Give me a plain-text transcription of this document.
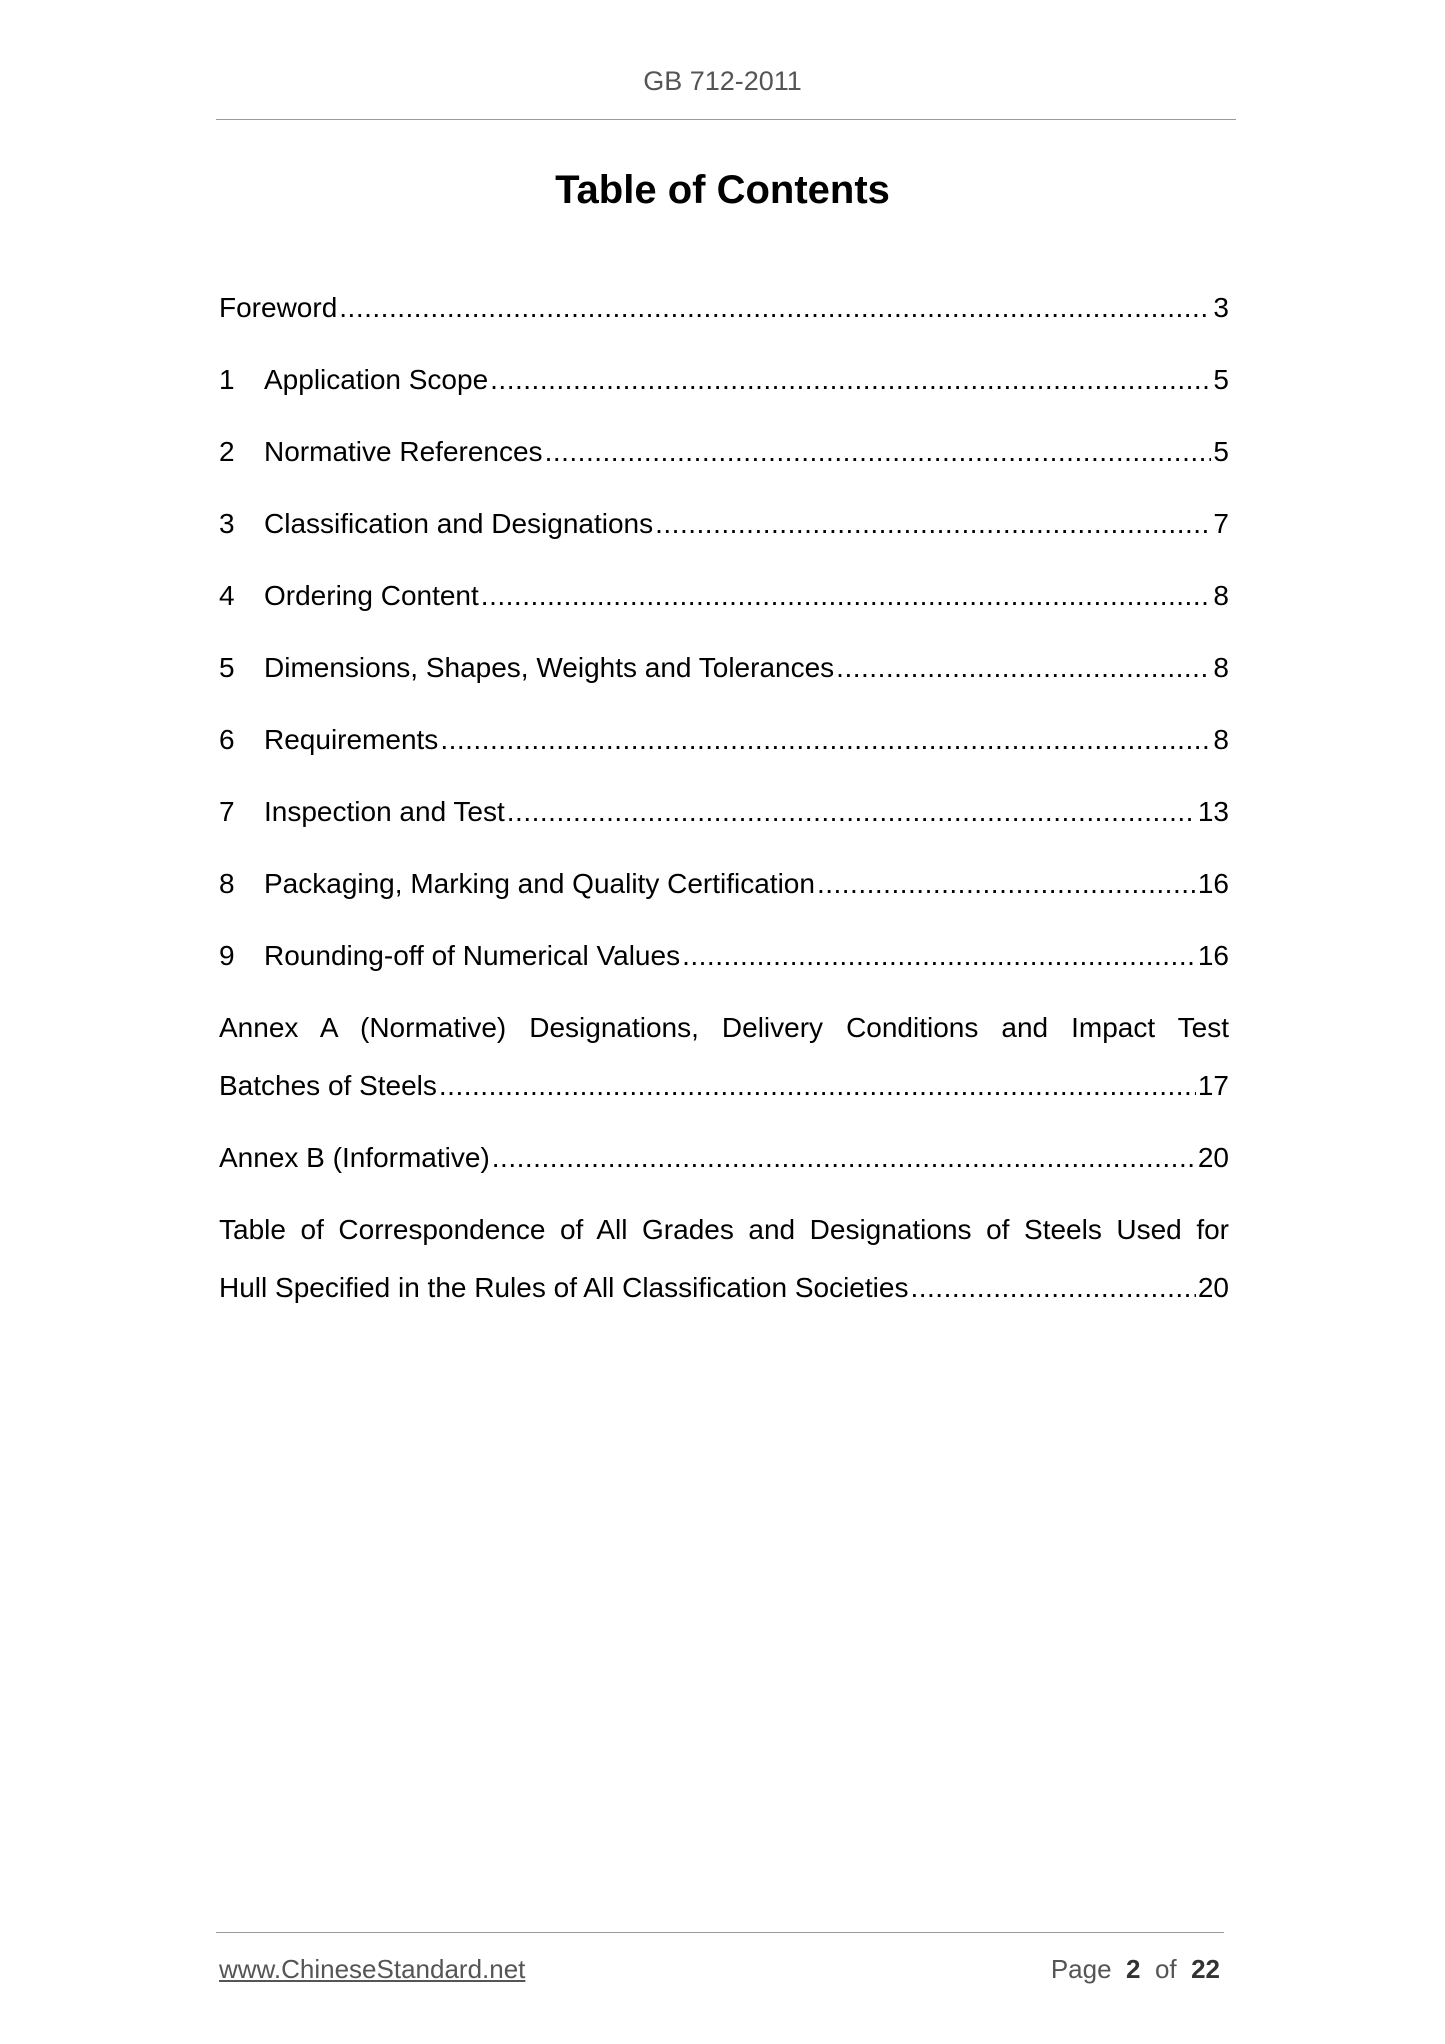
GB 712-2011
Table of Contents
Foreword .....	3
1	Application Scope .....	5
2	Normative References .....	5
3	Classification and Designations .....	7
4	Ordering Content .....	8
5	Dimensions, Shapes, Weights and Tolerances .....	8
6	Requirements .....	8
7	Inspection and Test .....	13
8	Packaging, Marking and Quality Certification .....	16
9	Rounding-off of Numerical Values .....	16
Annex A (Normative) Designations, Delivery Conditions and Impact Test
Batches of Steels .....	17
Annex B (Informative) .....	20
Table of Correspondence of All Grades and Designations of Steels Used for
Hull Specified in the Rules of All Classification Societies .....	20
www.ChineseStandard.net	Page 2 of 22
